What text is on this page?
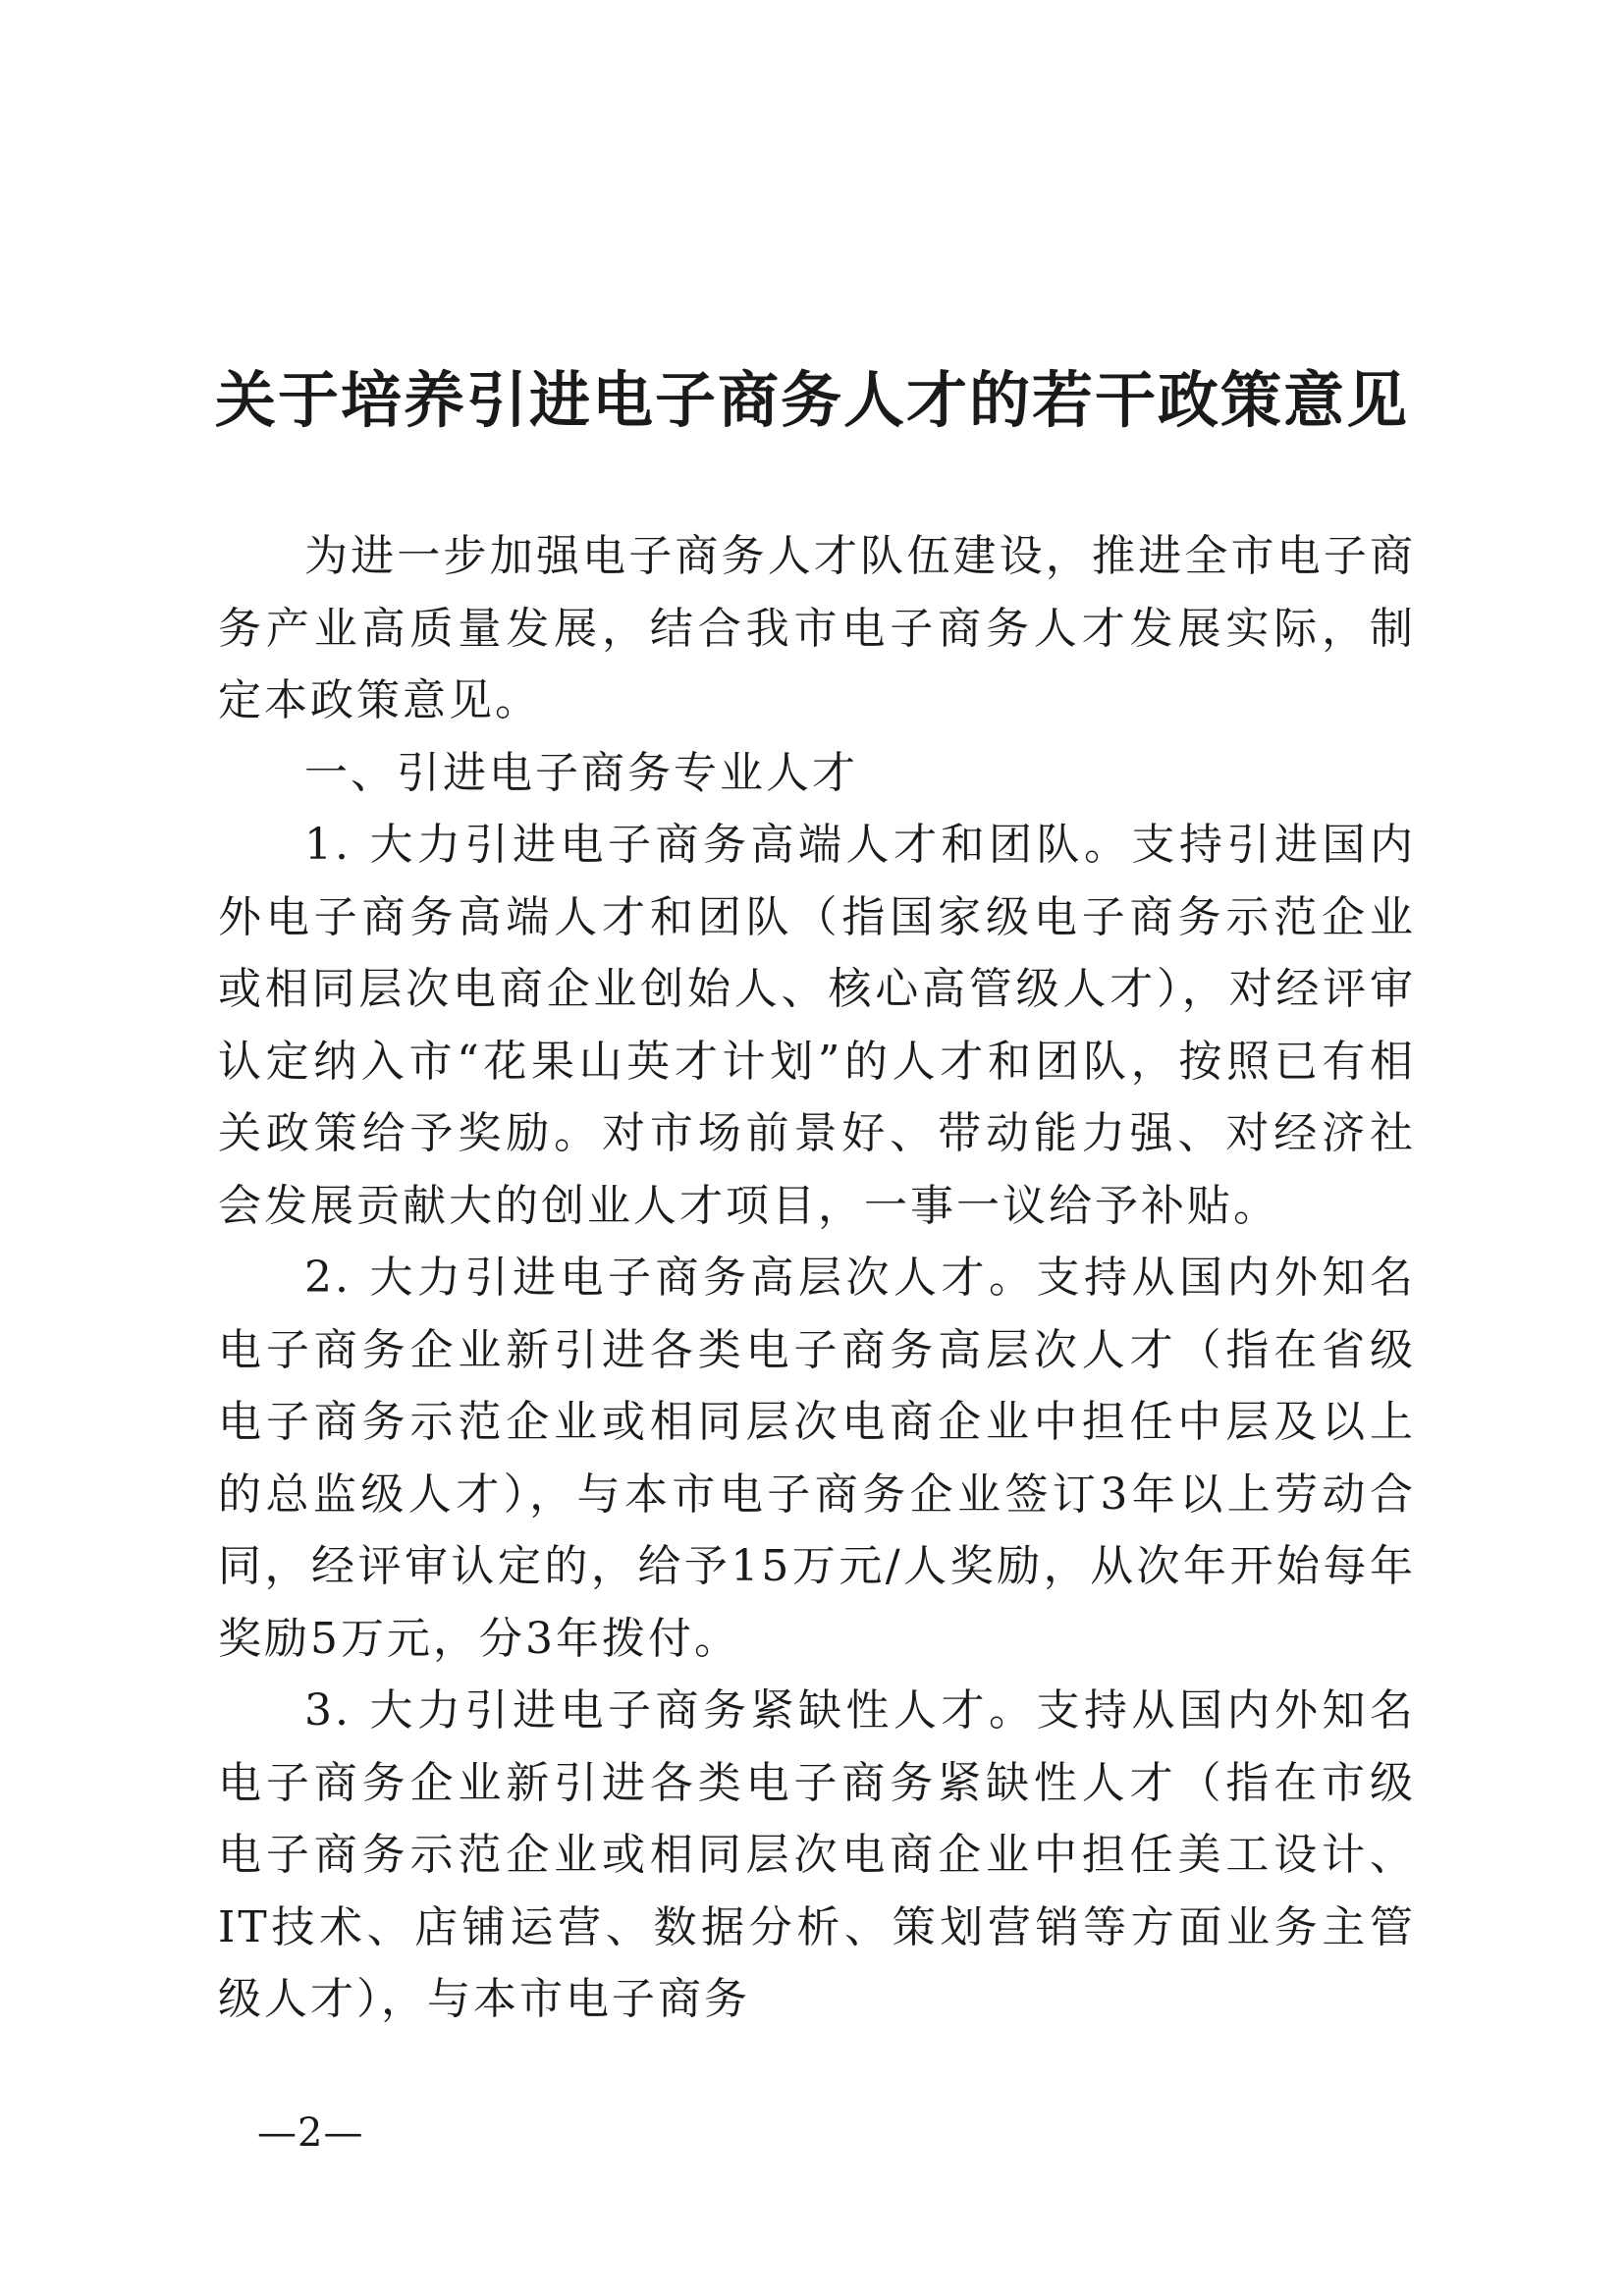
关于培养引进电子商务人才的若干政策意见

为进一步加强电子商务人才队伍建设，推进全市电子商务产业高质量发展，结合我市电子商务人才发展实际，制定本政策意见。

一、引进电子商务专业人才

1. 大力引进电子商务高端人才和团队。支持引进国内外电子商务高端人才和团队（指国家级电子商务示范企业或相同层次电商企业创始人、核心高管级人才），对经评审认定纳入市“花果山英才计划”的人才和团队，按照已有相关政策给予奖励。对市场前景好、带动能力强、对经济社会发展贡献大的创业人才项目，一事一议给予补贴。

2. 大力引进电子商务高层次人才。支持从国内外知名电子商务企业新引进各类电子商务高层次人才（指在省级电子商务示范企业或相同层次电商企业中担任中层及以上的总监级人才），与本市电子商务企业签订3年以上劳动合同，经评审认定的，给予15万元/人奖励，从次年开始每年奖励5万元，分3年拨付。

3. 大力引进电子商务紧缺性人才。支持从国内外知名电子商务企业新引进各类电子商务紧缺性人才（指在市级电子商务示范企业或相同层次电商企业中担任美工设计、IT技术、店铺运营、数据分析、策划营销等方面业务主管级人才），与本市电子商务

—2—
